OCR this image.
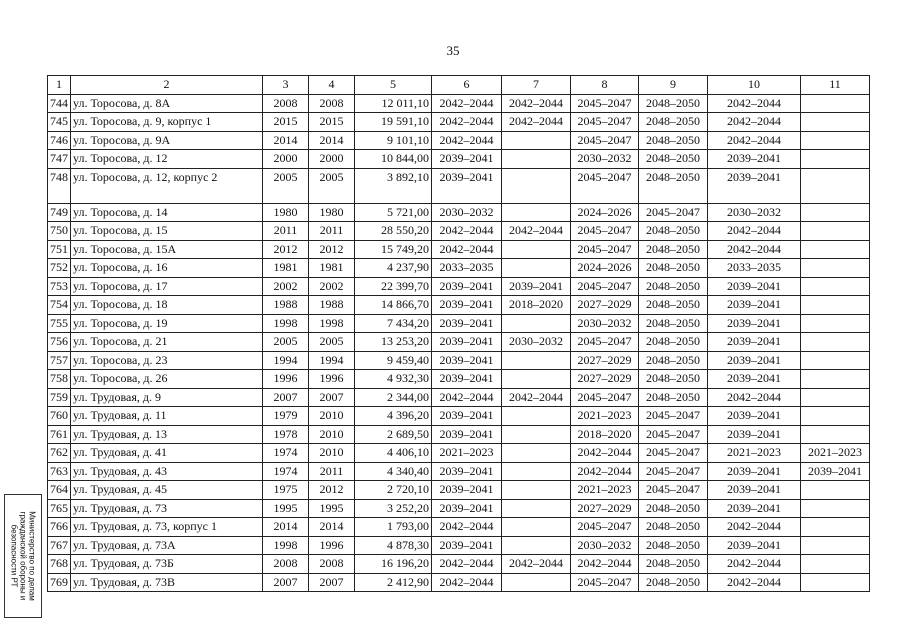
35
1	2	3	4	5	6	7	8	9	10	11
744	ул. Торосова, д. 8А	2008	2008	12 011,10	2042–2044	2042–2044	2045–2047	2048–2050	2042–2044	
745	ул. Торосова, д. 9, корпус 1	2015	2015	19 591,10	2042–2044	2042–2044	2045–2047	2048–2050	2042–2044	
746	ул. Торосова, д. 9А	2014	2014	9 101,10	2042–2044		2045–2047	2048–2050	2042–2044	
747	ул. Торосова, д. 12	2000	2000	10 844,00	2039–2041		2030–2032	2048–2050	2039–2041	
748	ул. Торосова, д. 12, корпус 2	2005	2005	3 892,10	2039–2041		2045–2047	2048–2050	2039–2041	
749	ул. Торосова, д. 14	1980	1980	5 721,00	2030–2032		2024–2026	2045–2047	2030–2032	
750	ул. Торосова, д. 15	2011	2011	28 550,20	2042–2044	2042–2044	2045–2047	2048–2050	2042–2044	
751	ул. Торосова, д. 15А	2012	2012	15 749,20	2042–2044		2045–2047	2048–2050	2042–2044	
752	ул. Торосова, д. 16	1981	1981	4 237,90	2033–2035		2024–2026	2048–2050	2033–2035	
753	ул. Торосова, д. 17	2002	2002	22 399,70	2039–2041	2039–2041	2045–2047	2048–2050	2039–2041	
754	ул. Торосова, д. 18	1988	1988	14 866,70	2039–2041	2018–2020	2027–2029	2048–2050	2039–2041	
755	ул. Торосова, д. 19	1998	1998	7 434,20	2039–2041		2030–2032	2048–2050	2039–2041	
756	ул. Торосова, д. 21	2005	2005	13 253,20	2039–2041	2030–2032	2045–2047	2048–2050	2039–2041	
757	ул. Торосова, д. 23	1994	1994	9 459,40	2039–2041		2027–2029	2048–2050	2039–2041	
758	ул. Торосова, д. 26	1996	1996	4 932,30	2039–2041		2027–2029	2048–2050	2039–2041	
759	ул. Трудовая, д. 9	2007	2007	2 344,00	2042–2044	2042–2044	2045–2047	2048–2050	2042–2044	
760	ул. Трудовая, д. 11	1979	2010	4 396,20	2039–2041		2021–2023	2045–2047	2039–2041	
761	ул. Трудовая, д. 13	1978	2010	2 689,50	2039–2041		2018–2020	2045–2047	2039–2041	
762	ул. Трудовая, д. 41	1974	2010	4 406,10	2021–2023		2042–2044	2045–2047	2021–2023	2021–2023
763	ул. Трудовая, д. 43	1974	2011	4 340,40	2039–2041		2042–2044	2045–2047	2039–2041	2039–2041
764	ул. Трудовая, д. 45	1975	2012	2 720,10	2039–2041		2021–2023	2045–2047	2039–2041	
765	ул. Трудовая, д. 73	1995	1995	3 252,20	2039–2041		2027–2029	2048–2050	2039–2041	
766	ул. Трудовая, д. 73, корпус 1	2014	2014	1 793,00	2042–2044		2045–2047	2048–2050	2042–2044	
767	ул. Трудовая, д. 73А	1998	1996	4 878,30	2039–2041		2030–2032	2048–2050	2039–2041	
768	ул. Трудовая, д. 73Б	2008	2008	16 196,20	2042–2044	2042–2044	2042–2044	2048–2050	2042–2044	
769	ул. Трудовая, д. 73В	2007	2007	2 412,90	2042–2044		2045–2047	2048–2050	2042–2044	
Министерство по делам гражданской обороны и безопасности РТ
